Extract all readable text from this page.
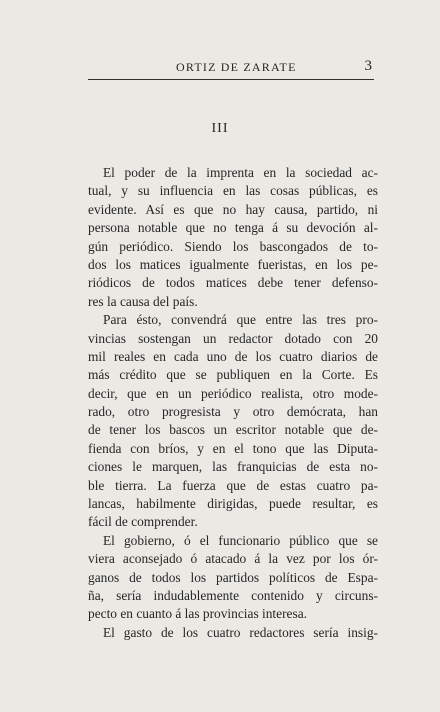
ORTIZ DE ZARATE	3
III
El poder de la imprenta en la sociedad ac-
tual, y su influencia en las cosas públicas, es
evidente. Así es que no hay causa, partido, ni
persona notable que no tenga á su devoción al-
gún periódico. Siendo los bascongados de to-
dos los matices igualmente fueristas, en los pe-
riódicos de todos matices debe tener defenso-
res la causa del país.
Para ésto, convendrá que entre las tres pro-
vincias sostengan un redactor dotado con 20
mil reales en cada uno de los cuatro diarios de
más crédito que se publiquen en la Corte. Es
decir, que en un periódico realista, otro mode-
rado, otro progresista y otro demócrata, han
de tener los bascos un escritor notable que de-
fienda con bríos, y en el tono que las Diputa-
ciones le marquen, las franquicias de esta no-
ble tierra. La fuerza que de estas cuatro pa-
lancas, habilmente dirigidas, puede resultar, es
fácil de comprender.
El gobierno, ó el funcionario público que se
viera aconsejado ó atacado á la vez por los ór-
ganos de todos los partidos políticos de Espa-
ña, sería indudablemente contenido y circuns-
pecto en cuanto á las provincias interesa.
El gasto de los cuatro redactores sería insig-
